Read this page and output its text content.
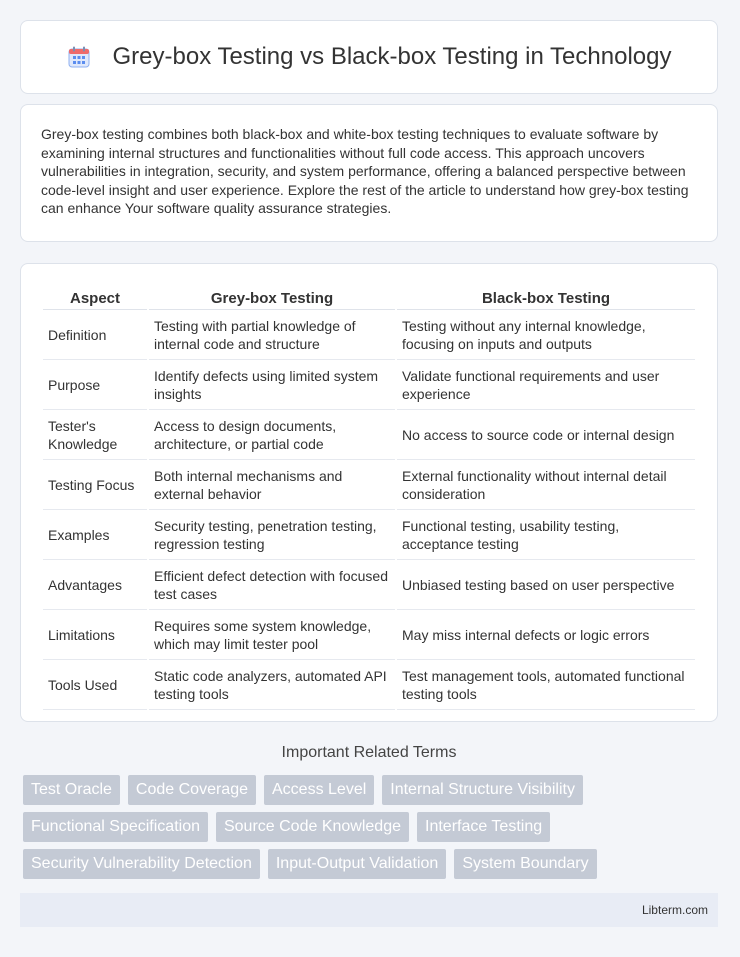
Grey-box Testing vs Black-box Testing in Technology

Grey-box testing combines both black-box and white-box testing techniques to evaluate software by examining internal structures and functionalities without full code access. This approach uncovers vulnerabilities in integration, security, and system performance, offering a balanced perspective between code-level insight and user experience. Explore the rest of the article to understand how grey-box testing can enhance Your software quality assurance strategies.

Aspect	Grey-box Testing	Black-box Testing
Definition	Testing with partial knowledge of internal code and structure	Testing without any internal knowledge, focusing on inputs and outputs
Purpose	Identify defects using limited system insights	Validate functional requirements and user experience
Tester's Knowledge	Access to design documents, architecture, or partial code	No access to source code or internal design
Testing Focus	Both internal mechanisms and external behavior	External functionality without internal detail consideration
Examples	Security testing, penetration testing, regression testing	Functional testing, usability testing, acceptance testing
Advantages	Efficient defect detection with focused test cases	Unbiased testing based on user perspective
Limitations	Requires some system knowledge, which may limit tester pool	May miss internal defects or logic errors
Tools Used	Static code analyzers, automated API testing tools	Test management tools, automated functional testing tools
Important Related Terms
Test Oracle	Code Coverage	Access Level	Internal Structure Visibility
Functional Specification	Source Code Knowledge	Interface Testing
Security Vulnerability Detection	Input-Output Validation	System Boundary
Libterm.com
